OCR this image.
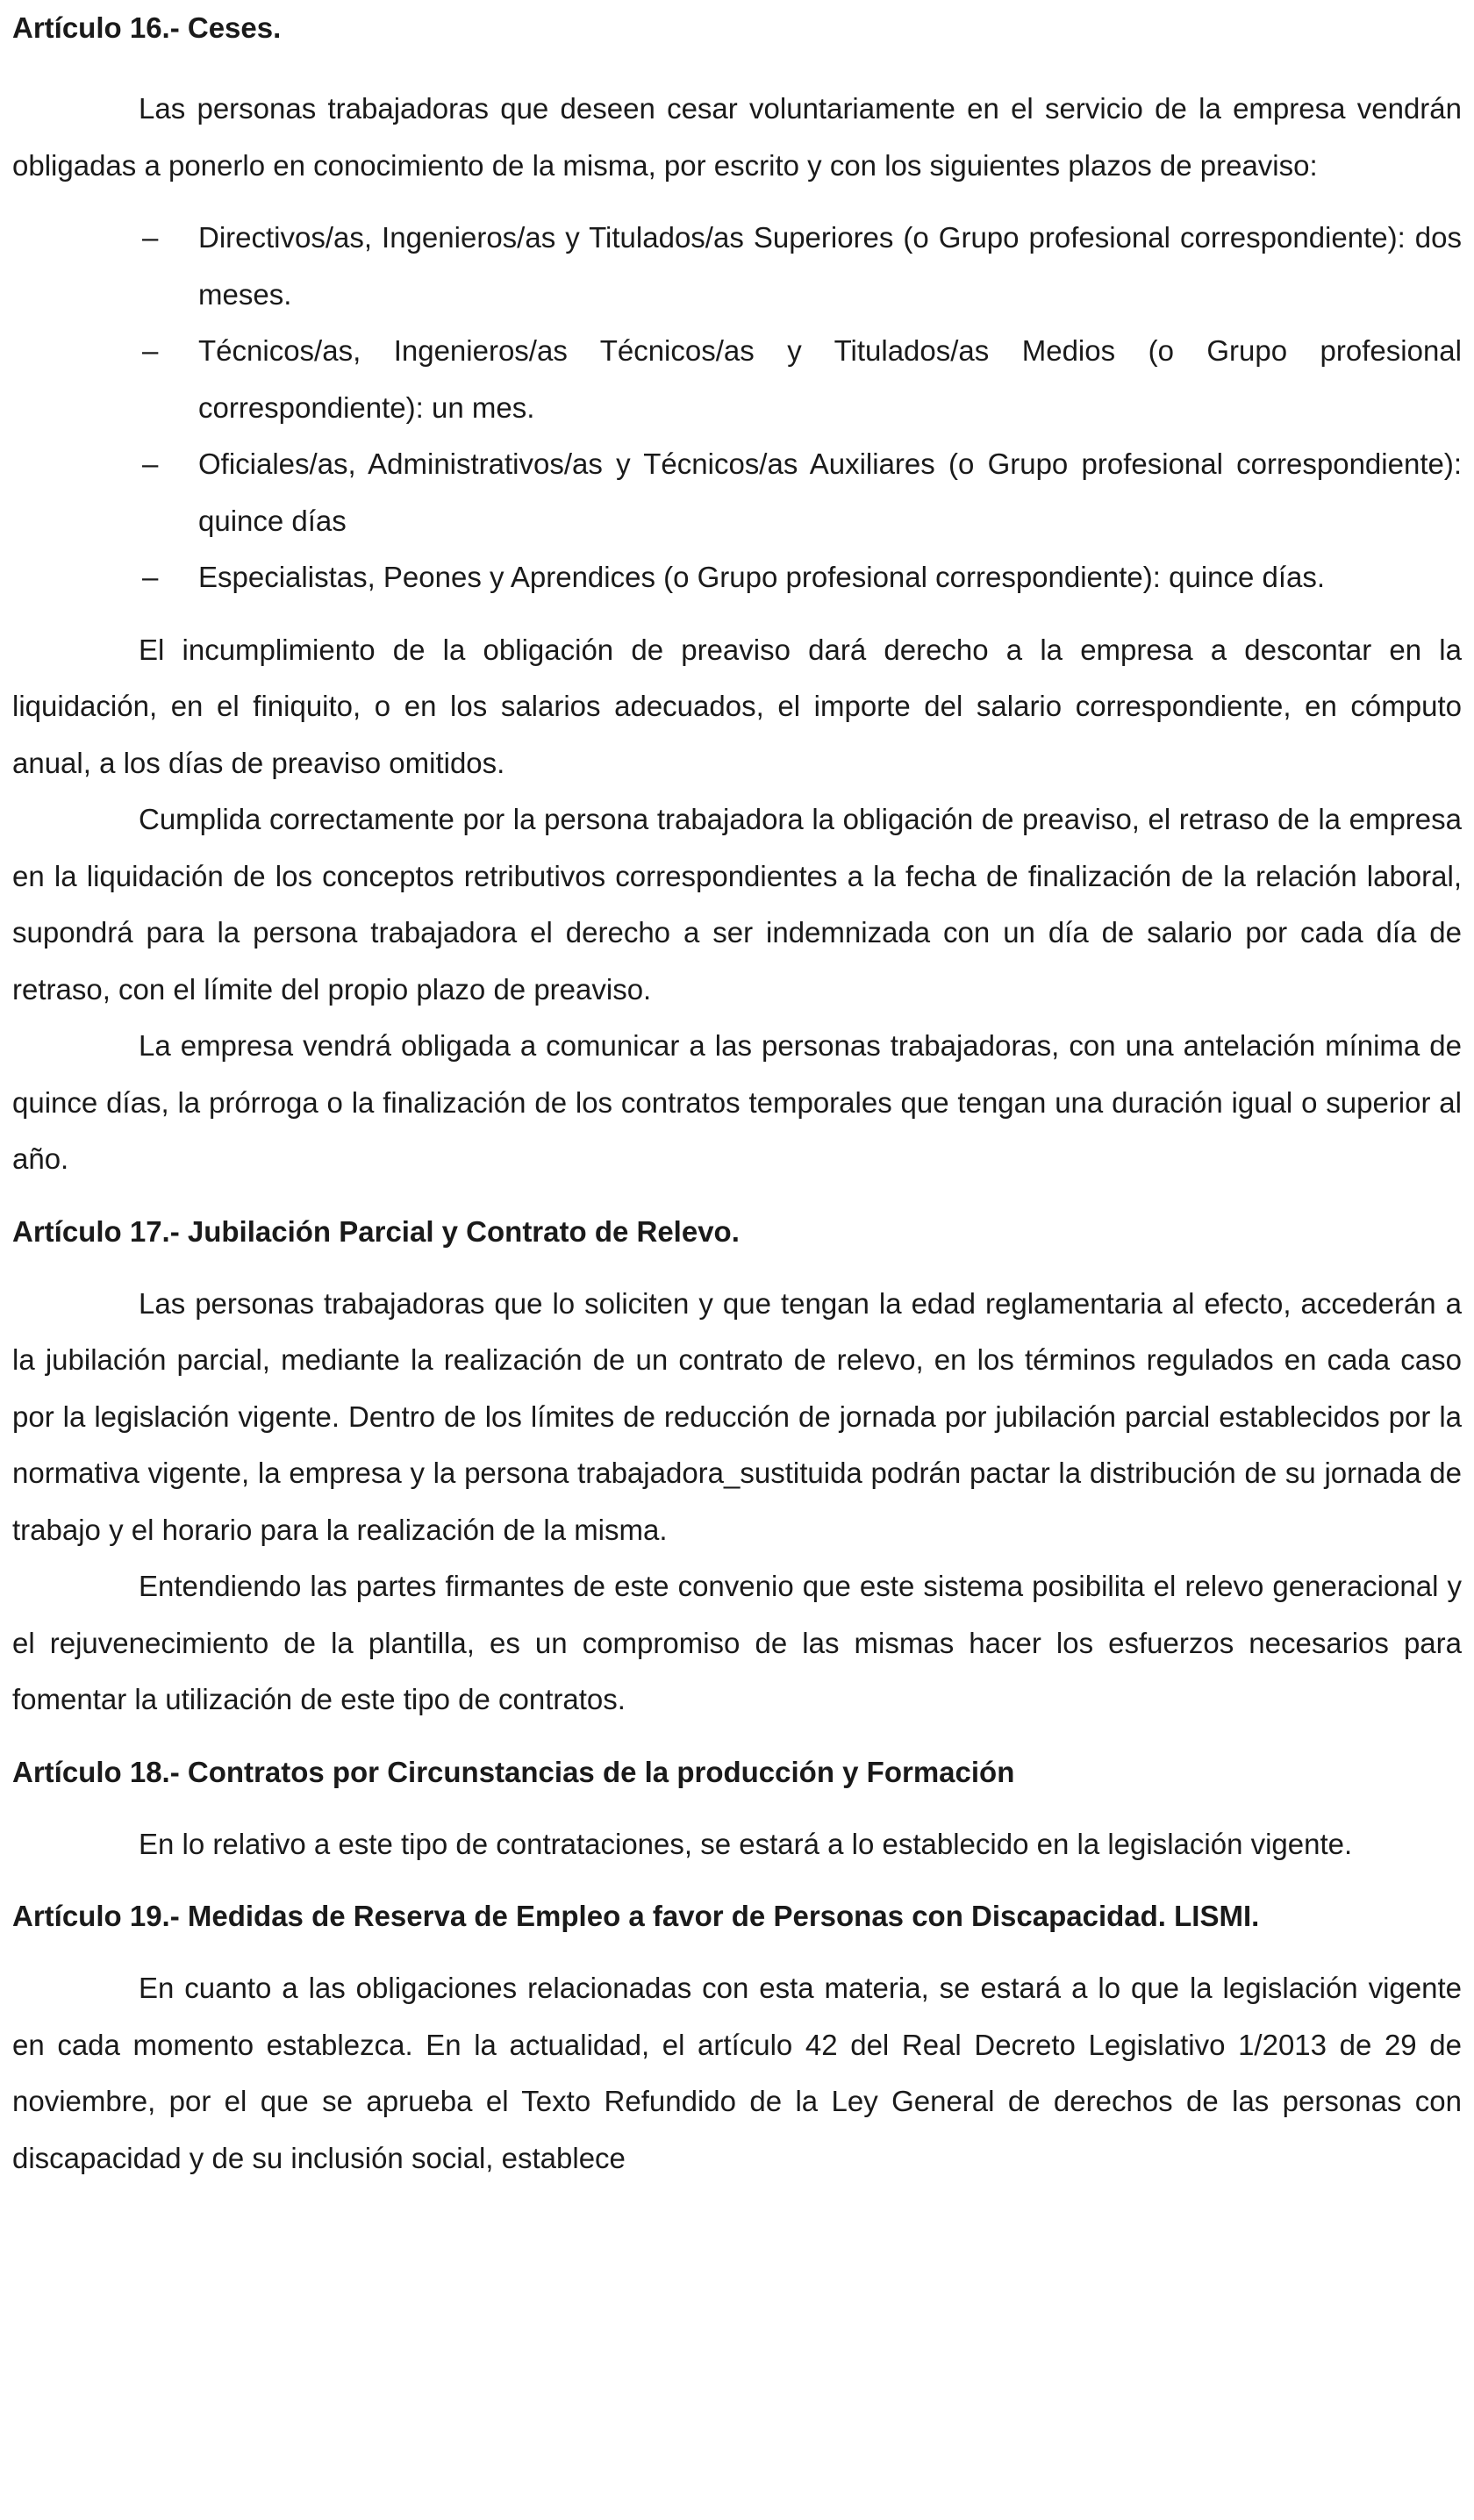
Artículo 16.- Ceses.

Las personas trabajadoras que deseen cesar voluntariamente en el servicio de la empresa vendrán obligadas a ponerlo en conocimiento de la misma, por escrito y con los siguientes plazos de preaviso:

– Directivos/as, Ingenieros/as y Titulados/as Superiores (o Grupo profesional correspondiente): dos meses.
– Técnicos/as, Ingenieros/as Técnicos/as y Titulados/as Medios (o Grupo profesional correspondiente): un mes.
– Oficiales/as, Administrativos/as y Técnicos/as Auxiliares (o Grupo profesional correspondiente): quince días
– Especialistas, Peones y Aprendices (o Grupo profesional correspondiente): quince días.

El incumplimiento de la obligación de preaviso dará derecho a la empresa a descontar en la liquidación, en el finiquito, o en los salarios adecuados, el importe del salario correspondiente, en cómputo anual, a los días de preaviso omitidos.

Cumplida correctamente por la persona trabajadora la obligación de preaviso, el retraso de la empresa en la liquidación de los conceptos retributivos correspondientes a la fecha de finalización de la relación laboral, supondrá para la persona trabajadora el derecho a ser indemnizada con un día de salario por cada día de retraso, con el límite del propio plazo de preaviso.

La empresa vendrá obligada a comunicar a las personas trabajadoras, con una antelación mínima de quince días, la prórroga o la finalización de los contratos temporales que tengan una duración igual o superior al año.

Artículo 17.- Jubilación Parcial y Contrato de Relevo.

Las personas trabajadoras que lo soliciten y que tengan la edad reglamentaria al efecto, accederán a la jubilación parcial, mediante la realización de un contrato de relevo, en los términos regulados en cada caso por la legislación vigente. Dentro de los límites de reducción de jornada por jubilación parcial establecidos por la normativa vigente, la empresa y la persona trabajadora_sustituida podrán pactar la distribución de su jornada de trabajo y el horario para la realización de la misma.

Entendiendo las partes firmantes de este convenio que este sistema posibilita el relevo generacional y el rejuvenecimiento de la plantilla, es un compromiso de las mismas hacer los esfuerzos necesarios para fomentar la utilización de este tipo de contratos.

Artículo 18.- Contratos por Circunstancias de la producción y Formación

En lo relativo a este tipo de contrataciones, se estará a lo establecido en la legislación vigente.

Artículo 19.- Medidas de Reserva de Empleo a favor de Personas con Discapacidad. LISMI.

En cuanto a las obligaciones relacionadas con esta materia, se estará a lo que la legislación vigente en cada momento establezca. En la actualidad, el artículo 42 del Real Decreto Legislativo 1/2013 de 29 de noviembre, por el que se aprueba el Texto Refundido de la Ley General de derechos de las personas con discapacidad y de su inclusión social, establece
